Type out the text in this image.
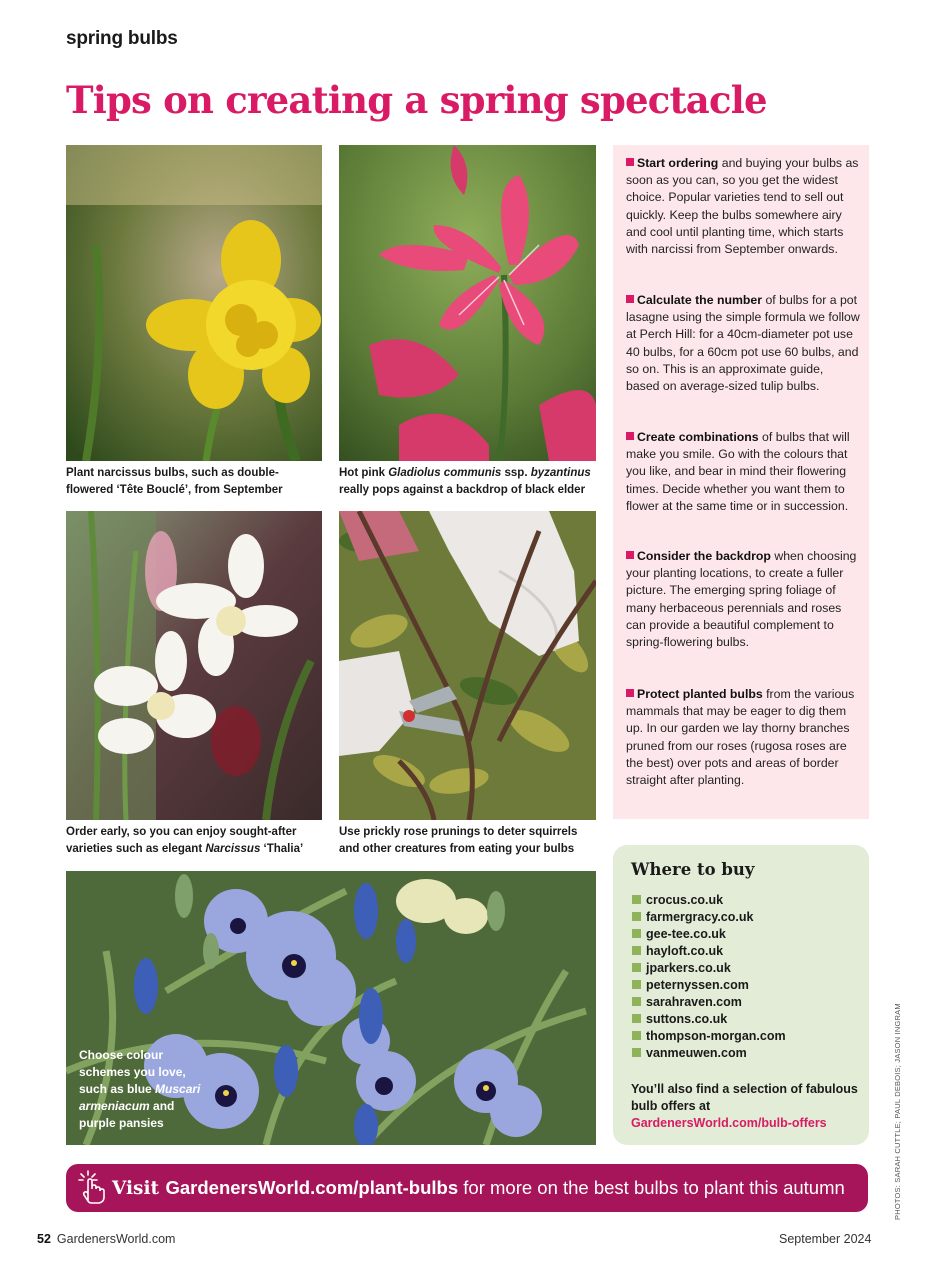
spring bulbs
Tips on creating a spring spectacle
Plant narcissus bulbs, such as double-flowered ‘Tête Bouclé’, from September
Hot pink Gladiolus communis ssp. byzantinus really pops against a backdrop of black elder
Order early, so you can enjoy sought-after varieties such as elegant Narcissus ‘Thalia’
Use prickly rose prunings to deter squirrels and other creatures from eating your bulbs
Start ordering and buying your bulbs as soon as you can, so you get the widest choice. Popular varieties tend to sell out quickly. Keep the bulbs somewhere airy and cool until planting time, which starts with narcissi from September onwards.
Calculate the number of bulbs for a pot lasagne using the simple formula we follow at Perch Hill: for a 40cm-diameter pot use 40 bulbs, for a 60cm pot use 60 bulbs, and so on. This is an approximate guide, based on average-sized tulip bulbs.
Create combinations of bulbs that will make you smile. Go with the colours that you like, and bear in mind their flowering times. Decide whether you want them to flower at the same time or in succession.
Consider the backdrop when choosing your planting locations, to create a fuller picture. The emerging spring foliage of many herbaceous perennials and roses can provide a beautiful complement to spring-flowering bulbs.
Protect planted bulbs from the various mammals that may be eager to dig them up. In our garden we lay thorny branches pruned from our roses (rugosa roses are the best) over pots and areas of border straight after planting.
Choose colour schemes you love, such as blue Muscari armeniacum and purple pansies
Where to buy
crocus.co.uk
farmergracy.co.uk
gee-tee.co.uk
hayloft.co.uk
jparkers.co.uk
peternyssen.com
sarahraven.com
suttons.co.uk
thompson-morgan.com
vanmeuwen.com
You’ll also find a selection of fabulous bulb offers at GardenersWorld.com/bulb-offers
Visit GardenersWorld.com/plant-bulbs for more on the best bulbs to plant this autumn	PHOTOS: SARAH CUTTLE; PAUL DEBOIS; JASON INGRAM
52 GardenersWorld.com	September 2024
